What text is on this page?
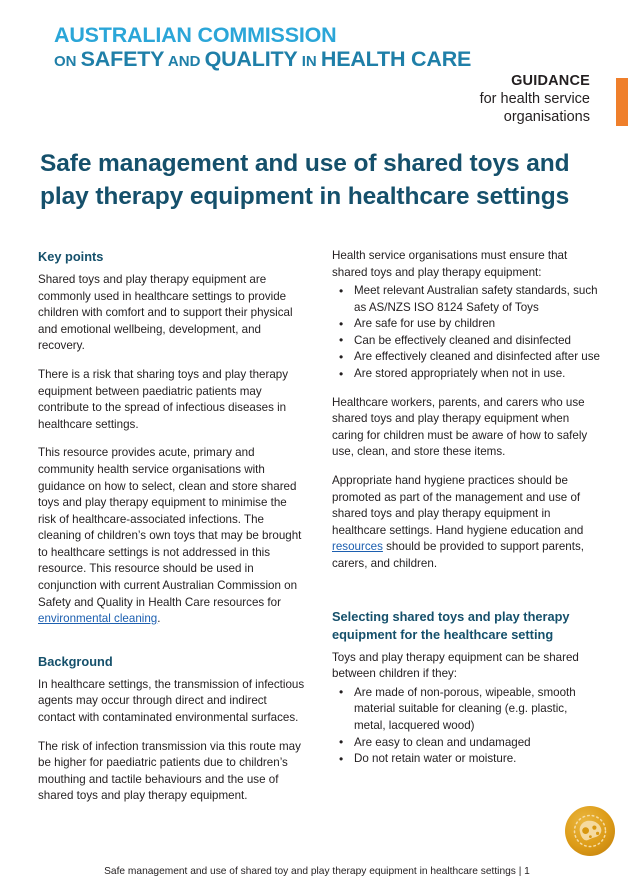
AUSTRALIAN COMMISSION
ON SAFETY AND QUALITY IN HEALTH CARE
GUIDANCE
for health service
organisations
Safe management and use of shared toys and play therapy equipment in healthcare settings
Key points

Shared toys and play therapy equipment are commonly used in healthcare settings to provide children with comfort and to support their physical and emotional wellbeing, development, and recovery.

There is a risk that sharing toys and play therapy equipment between paediatric patients may contribute to the spread of infectious diseases in healthcare settings.

This resource provides acute, primary and community health service organisations with guidance on how to select, clean and store shared toys and play therapy equipment to minimise the risk of healthcare-associated infections. The cleaning of children’s own toys that may be brought to healthcare settings is not addressed in this resource. This resource should be used in conjunction with current Australian Commission on Safety and Quality in Health Care resources for environmental cleaning.

Background

In healthcare settings, the transmission of infectious agents may occur through direct and indirect contact with contaminated environmental surfaces.

The risk of infection transmission via this route may be higher for paediatric patients due to children’s mouthing and tactile behaviours and the use of shared toys and play therapy equipment.

Health service organisations must ensure that shared toys and play therapy equipment:

• Meet relevant Australian safety standards, such as AS/NZS ISO 8124 Safety of Toys
• Are safe for use by children
• Can be effectively cleaned and disinfected
• Are effectively cleaned and disinfected after use
• Are stored appropriately when not in use.

Healthcare workers, parents, and carers who use shared toys and play therapy equipment when caring for children must be aware of how to safely use, clean, and store these items.

Appropriate hand hygiene practices should be promoted as part of the management and use of shared toys and play therapy equipment in healthcare settings. Hand hygiene education and resources should be provided to support parents, carers, and children.

Selecting shared toys and play therapy equipment for the healthcare setting

Toys and play therapy equipment can be shared between children if they:

• Are made of non-porous, wipeable, smooth material suitable for cleaning (e.g. plastic, metal, lacquered wood)
• Are easy to clean and undamaged
• Do not retain water or moisture.
Safe management and use of shared toy and play therapy equipment in healthcare settings | 1
